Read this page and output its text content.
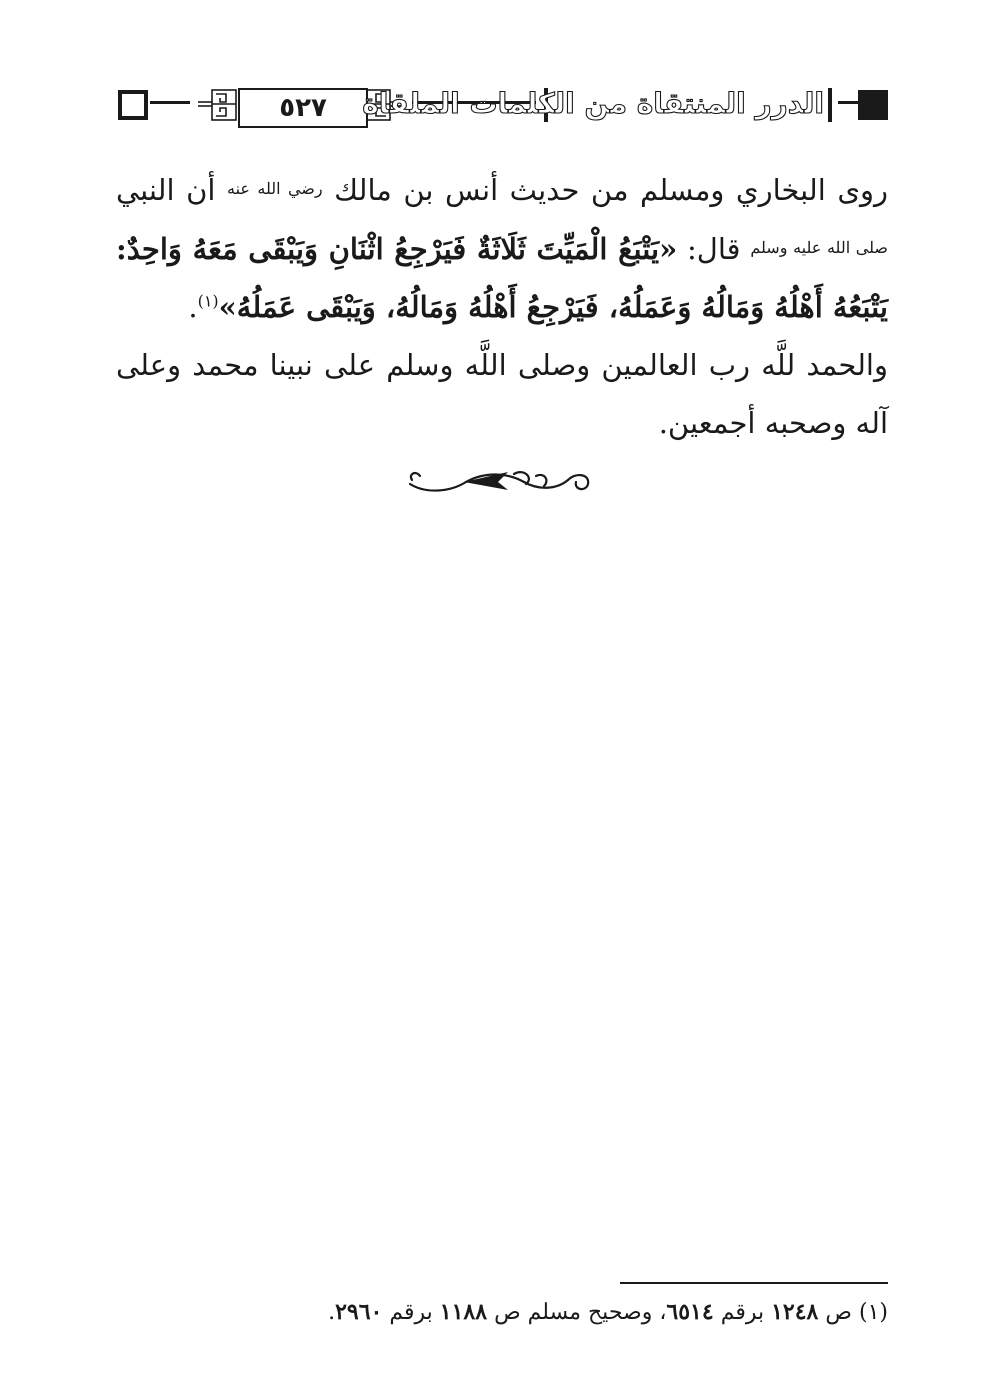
٥٢٧	الدرر المنتقاة من الكلمات الملقاة

روى البخاري ومسلم من حديث أنس بن مالك $^{رضي الله عنه}$ أن النبي $^{صلى الله عليه وسلم}$ قال: «يَتْبَعُ الْمَيِّتَ ثَلَاثَةٌ فَيَرْجِعُ اثْنَانِ وَيَبْقَى مَعَهُ وَاحِدٌ: يَتْبَعُهُ أَهْلُهُ وَمَالُهُ وَعَمَلُهُ، فَيَرْجِعُ أَهْلُهُ وَمَالُهُ، وَيَبْقَى عَمَلُهُ»$^{(١)}$.

والحمد للَّه رب العالمين وصلى اللَّه وسلم على نبينا محمد وعلى آله وصحبه أجمعين.

(١) ص ١٢٤٨ برقم ٦٥١٤، وصحيح مسلم ص ١١٨٨ برقم ٢٩٦٠.
